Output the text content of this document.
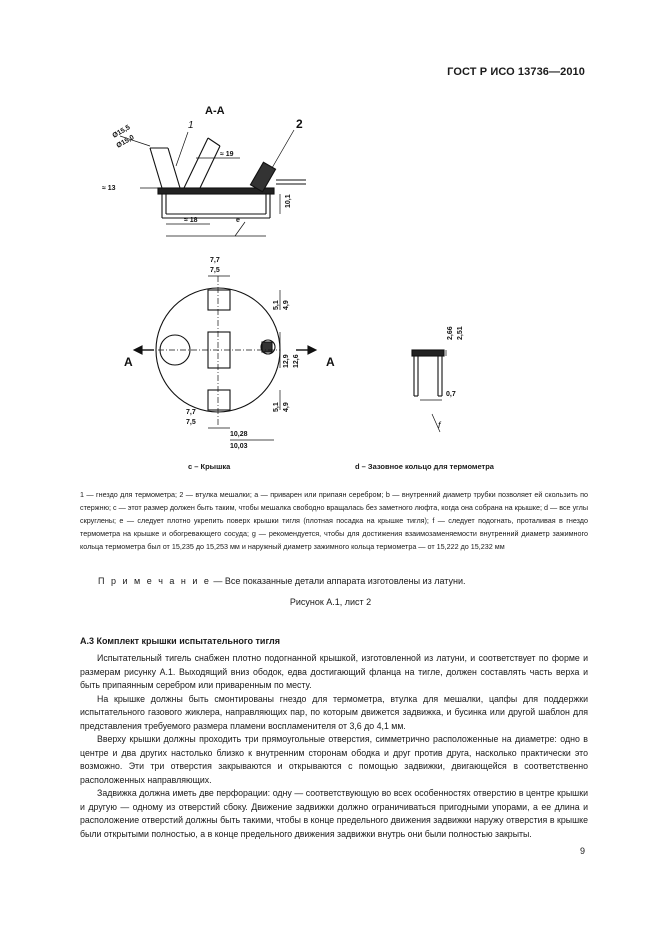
ГОСТ Р ИСО 13736—2010
А-А
Ø15,5
Ø15,0
1	2
≈ 19
≈ 13
≈ 18	e
10,1
А	А
7,7
7,5
5,1 4,9
12,9 12,6
5,1 4,9
7,7
7,5
10,28
10,03
2,66 2,51
0,7
f
c – Крышка	d – Зазовное кольцо для термометра

1 — гнездо для термометра; 2 — втулка мешалки; a — приварен или припаян серебром; b — внутренний диаметр трубки позволяет ей скользить по стержню; c — этот размер должен быть таким, чтобы мешалка свободно вращалась без заметного люфта, когда она собрана на крышке; d — все углы скруглены; e — следует плотно укрепить поверх крышки тигля (плотная посадка на крышке тигля); f — следует подогнать, проталивая в гнездо термометра на крышке и обогревающего сосуда; g — рекомендуется, чтобы для достижения взаимозаменяемости внутренний диаметр зажимного кольца термометра был от 15,235 до 15,253 мм и наружный диаметр зажимного кольца термометра — от 15,222 до 15,232 мм

П р и м е ч а н и е — Все показанные детали аппарата изготовлены из латуни.
Рисунок А.1, лист 2
А.3 Комплект крышки испытательного тигля

Испытательный тигель снабжен плотно подогнанной крышкой, изготовленной из латуни, и соответствует по форме и размерам рисунку А.1. Выходящий вниз ободок, едва достигающий фланца на тигле, должен составлять часть верха и быть припаянным серебром или приваренным по месту.

На крышке должны быть смонтированы гнездо для термометра, втулка для мешалки, цапфы для поддержки испытательного газового жиклера, направляющих пар, по которым движется задвижка, и бусинка или другой шаблон для представления требуемого размера пламени воспламенителя от 3,6 до 4,1 мм.

Вверху крышки должны проходить три прямоугольные отверстия, симметрично расположенные на диаметре: одно в центре и два других настолько близко к внутренним сторонам ободка и друг против друга, насколько практически это возможно. Эти три отверстия закрываются и открываются с помощью задвижки, двигающейся в соответственно расположенных направляющих.

Задвижка должна иметь две перфорации: одну — соответствующую во всех особенностях отверстию в центре крышки и другую — одному из отверстий сбоку. Движение задвижки должно ограничиваться пригодными упорами, а ее длина и расположение отверстий должны быть такими, чтобы в конце предельного движения задвижки наружу отверстия в крышке были открытыми полностью, а в конце предельного движения задвижки внутрь они были полностью закрыты.

9
